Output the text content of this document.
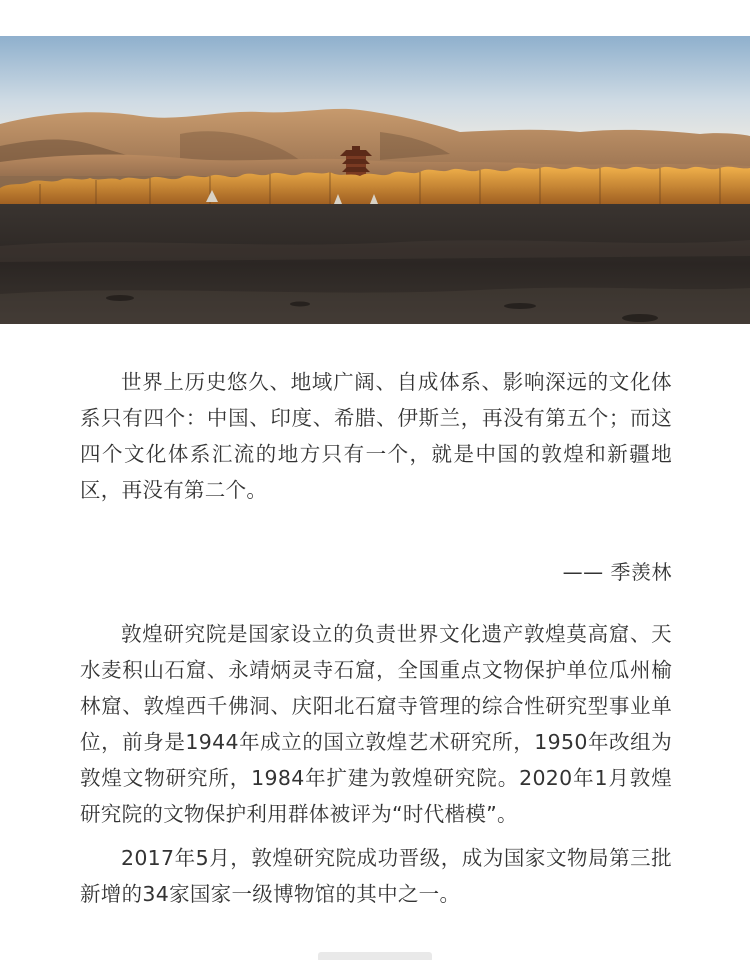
世界上历史悠久、地域广阔、自成体系、影响深远的文化体系只有四个：中国、印度、希腊、伊斯兰，再没有第五个；而这四个文化体系汇流的地方只有一个，就是中国的敦煌和新疆地区，再没有第二个。

—— 季羡林

敦煌研究院是国家设立的负责世界文化遗产敦煌莫高窟、天水麦积山石窟、永靖炳灵寺石窟，全国重点文物保护单位瓜州榆林窟、敦煌西千佛洞、庆阳北石窟寺管理的综合性研究型事业单位，前身是1944年成立的国立敦煌艺术研究所，1950年改组为敦煌文物研究所，1984年扩建为敦煌研究院。2020年1月敦煌研究院的文物保护利用群体被评为“时代楷模”。

2017年5月，敦煌研究院成功晋级，成为国家文物局第三批新增的34家国家一级博物馆的其中之一。
